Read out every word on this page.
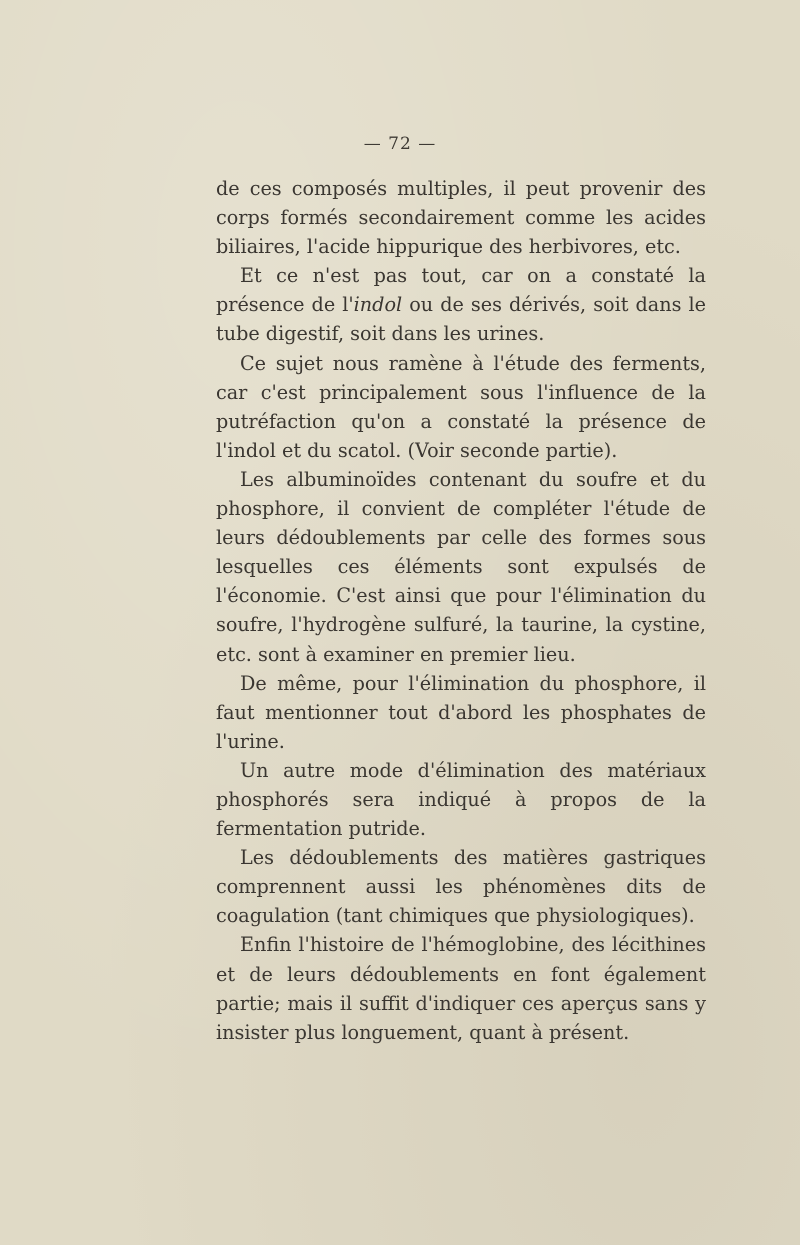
— 72 —

de ces composés multiples, il peut provenir des corps formés secondairement comme les acides biliaires, l'acide hippurique des herbivores, etc.

Et ce n'est pas tout, car on a constaté la présence de l'indol ou de ses dérivés, soit dans le tube digestif, soit dans les urines.

Ce sujet nous ramène à l'étude des ferments, car c'est principalement sous l'influence de la putréfaction qu'on a constaté la présence de l'indol et du scatol. (Voir seconde partie).

Les albuminoïdes contenant du soufre et du phosphore, il convient de compléter l'étude de leurs dédoublements par celle des formes sous lesquelles ces éléments sont expulsés de l'économie. C'est ainsi que pour l'élimination du soufre, l'hydrogène sulfuré, la taurine, la cystine, etc. sont à examiner en premier lieu.

De même, pour l'élimination du phosphore, il faut mentionner tout d'abord les phosphates de l'urine.

Un autre mode d'élimination des matériaux phosphorés sera indiqué à propos de la fermentation putride.

Les dédoublements des matières gastriques comprennent aussi les phénomènes dits de coagulation (tant chimiques que physiologiques).

Enfin l'histoire de l'hémoglobine, des lécithines et de leurs dédoublements en font également partie; mais il suffit d'indiquer ces aperçus sans y insister plus longuement, quant à présent.
